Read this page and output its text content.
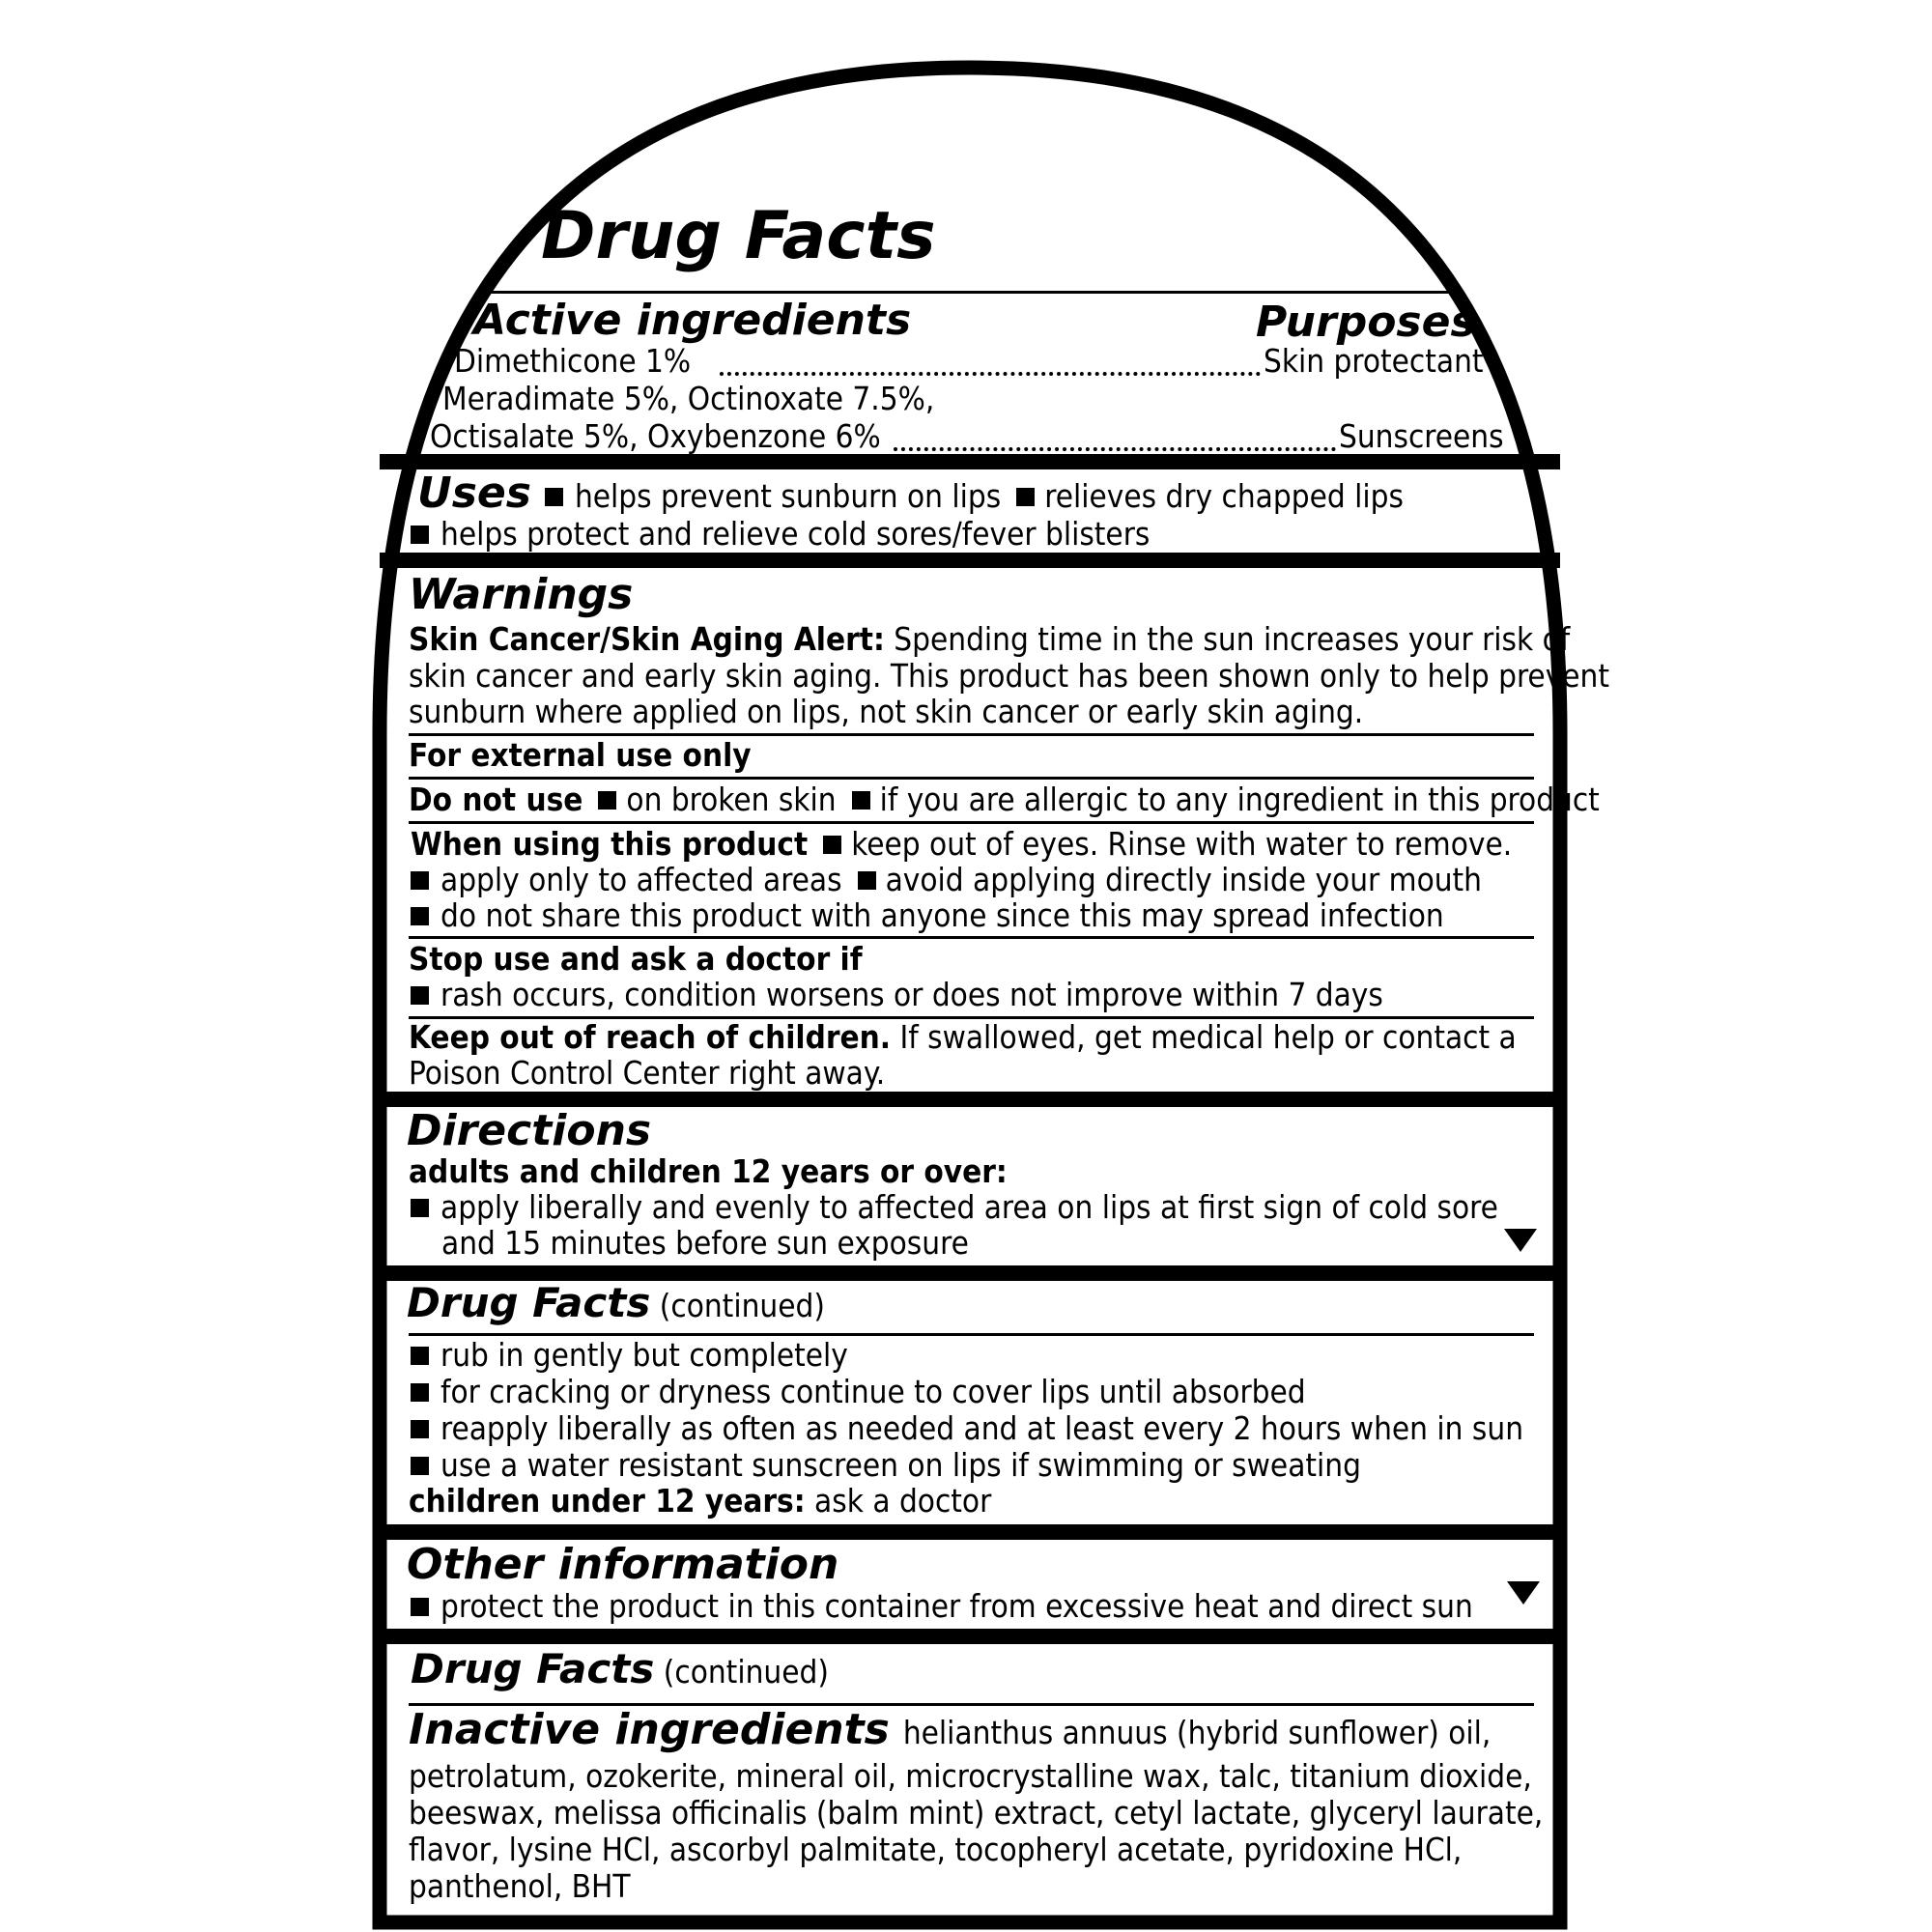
Drug Facts
Active ingredients	Purposes
Dimethicone 1%	Skin protectant
Meradimate 5%, Octinoxate 7.5%,
Octisalate 5%, Oxybenzone 6%	Sunscreens
Uses helps prevent sunburn on lips relieves dry chapped lips
helps protect and relieve cold sores/fever blisters
Warnings
Skin Cancer/Skin Aging Alert: Spending time in the sun increases your risk of
skin cancer and early skin aging. This product has been shown only to help prevent
sunburn where applied on lips, not skin cancer or early skin aging.
For external use only
Do not use on broken skin if you are allergic to any ingredient in this product
When using this product keep out of eyes. Rinse with water to remove.
apply only to affected areas avoid applying directly inside your mouth
do not share this product with anyone since this may spread infection
Stop use and ask a doctor if
rash occurs, condition worsens or does not improve within 7 days
Keep out of reach of children. If swallowed, get medical help or contact a
Poison Control Center right away.
Directions
adults and children 12 years or over:
apply liberally and evenly to affected area on lips at first sign of cold sore
and 15 minutes before sun exposure
Drug Facts (continued)
rub in gently but completely
for cracking or dryness continue to cover lips until absorbed
reapply liberally as often as needed and at least every 2 hours when in sun
use a water resistant sunscreen on lips if swimming or sweating
children under 12 years: ask a doctor
Other information
protect the product in this container from excessive heat and direct sun
Drug Facts (continued)
Inactive ingredients helianthus annuus (hybrid sunflower) oil,
petrolatum, ozokerite, mineral oil, microcrystalline wax, talc, titanium dioxide,
beeswax, melissa officinalis (balm mint) extract, cetyl lactate, glyceryl laurate,
flavor, lysine HCl, ascorbyl palmitate, tocopheryl acetate, pyridoxine HCl,
panthenol, BHT
